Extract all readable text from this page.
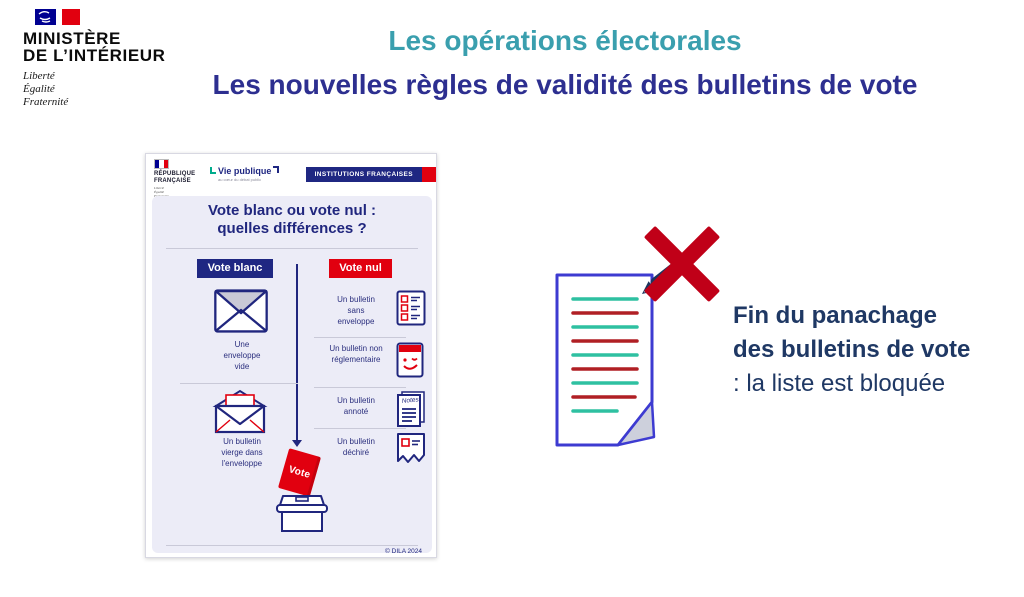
MINISTÈRE
DE L’INTÉRIEUR
Liberté
Égalité
Fraternité
Les opérations électorales
Les nouvelles règles de validité des bulletins de vote
RÉPUBLIQUE
FRANÇAISE
Liberté
Égalité
Vie publique
au cœur du débat public
INSTITUTIONS FRANÇAISES
Vote blanc ou vote nul :
quelles différences ?
Vote blanc	Vote nul
Une enveloppe vide
Un bulletin vierge dans l'enveloppe
Un bulletin sans enveloppe
Un bulletin non réglementaire
Un bulletin annoté
Notes
Un bulletin déchiré
Vote
© DILA 2024
Fin du panachage
des bulletins de vote
: la liste est bloquée
